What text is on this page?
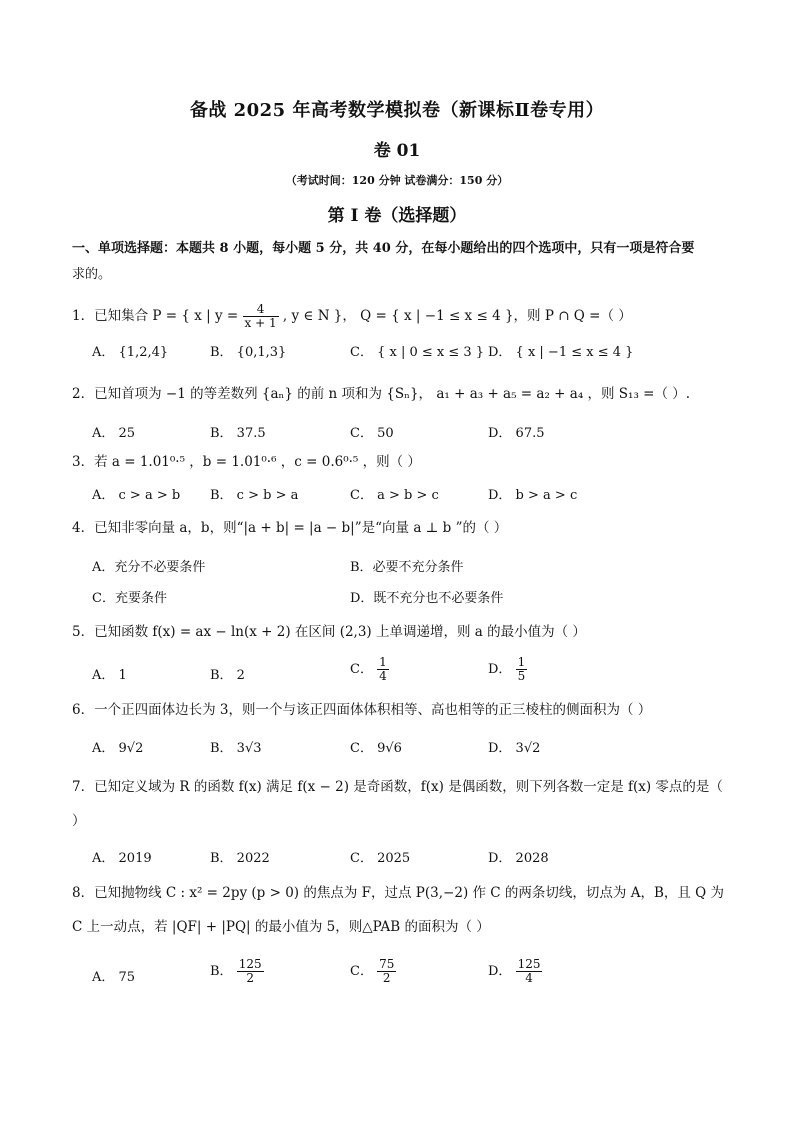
备战 2025 年高考数学模拟卷（新课标Ⅱ卷专用）
卷 01
（考试时间：120 分钟 试卷满分：150 分）
第 I 卷（选择题）
一、单项选择题：本题共 8 小题，每小题 5 分，共 40 分，在每小题给出的四个选项中，只有一项是符合要
求的。
1．已知集合 P = { x | $y = \frac{4}{x + 1}$ , y ∈ N }， Q = { x | −1 ≤ x ≤ 4 }，则 P ∩ Q =（ ）
A． {1,2,4}	B． {0,1,3}	C． { x | 0 ≤ x ≤ 3 } D． { x | −1 ≤ x ≤ 4 }
2．已知首项为 −1 的等差数列 {aₙ} 的前 n 项和为 {Sₙ}， a₁ + a₃ + a₅ = a₂ + a₄ ，则 S₁₃ =（ ）.
A． 25	B． 37.5	C． 50	D． 67.5
3．若 a = 1.01⁰·⁵ ，b = 1.01⁰·⁶ ，c = 0.6⁰·⁵ ，则（ ）
A． c > a > b B． c > b > a	C． a > b > c	D． b > a > c
4．已知非零向量 a，b，则“|a + b| = |a − b|”是“向量 a ⊥ b ”的（ ）
A．充分不必要条件	B．必要不充分条件
C．充要条件	D．既不充分也不必要条件
5．已知函数 f(x) = ax − ln(x + 2) 在区间 (2,3) 上单调递增，则 a 的最小值为（ ）
A． 1	B． 2	C． $\frac{1}{4}$	D． $\frac{1}{5}$
6．一个正四面体边长为 3，则一个与该正四面体体积相等、高也相等的正三棱柱的侧面积为（ ）
A． 9√2	B． 3√3	C． 9√6	D． 3√2
7．已知定义域为 R 的函数 f(x) 满足 f(x − 2) 是奇函数，f(x) 是偶函数，则下列各数一定是 f(x) 零点的是（ ）
A． 2019	B． 2022	C． 2025	D． 2028
8．已知抛物线 C : x² = 2py (p > 0) 的焦点为 F，过点 P(3,−2) 作 C 的两条切线，切点为 A，B，且 Q 为 C 上一动点，若 |QF| + |PQ| 的最小值为 5，则△PAB 的面积为（ ）
A． 75	B． $\frac{125}{2}$	C． $\frac{75}{2}$	D． $\frac{125}{4}$
